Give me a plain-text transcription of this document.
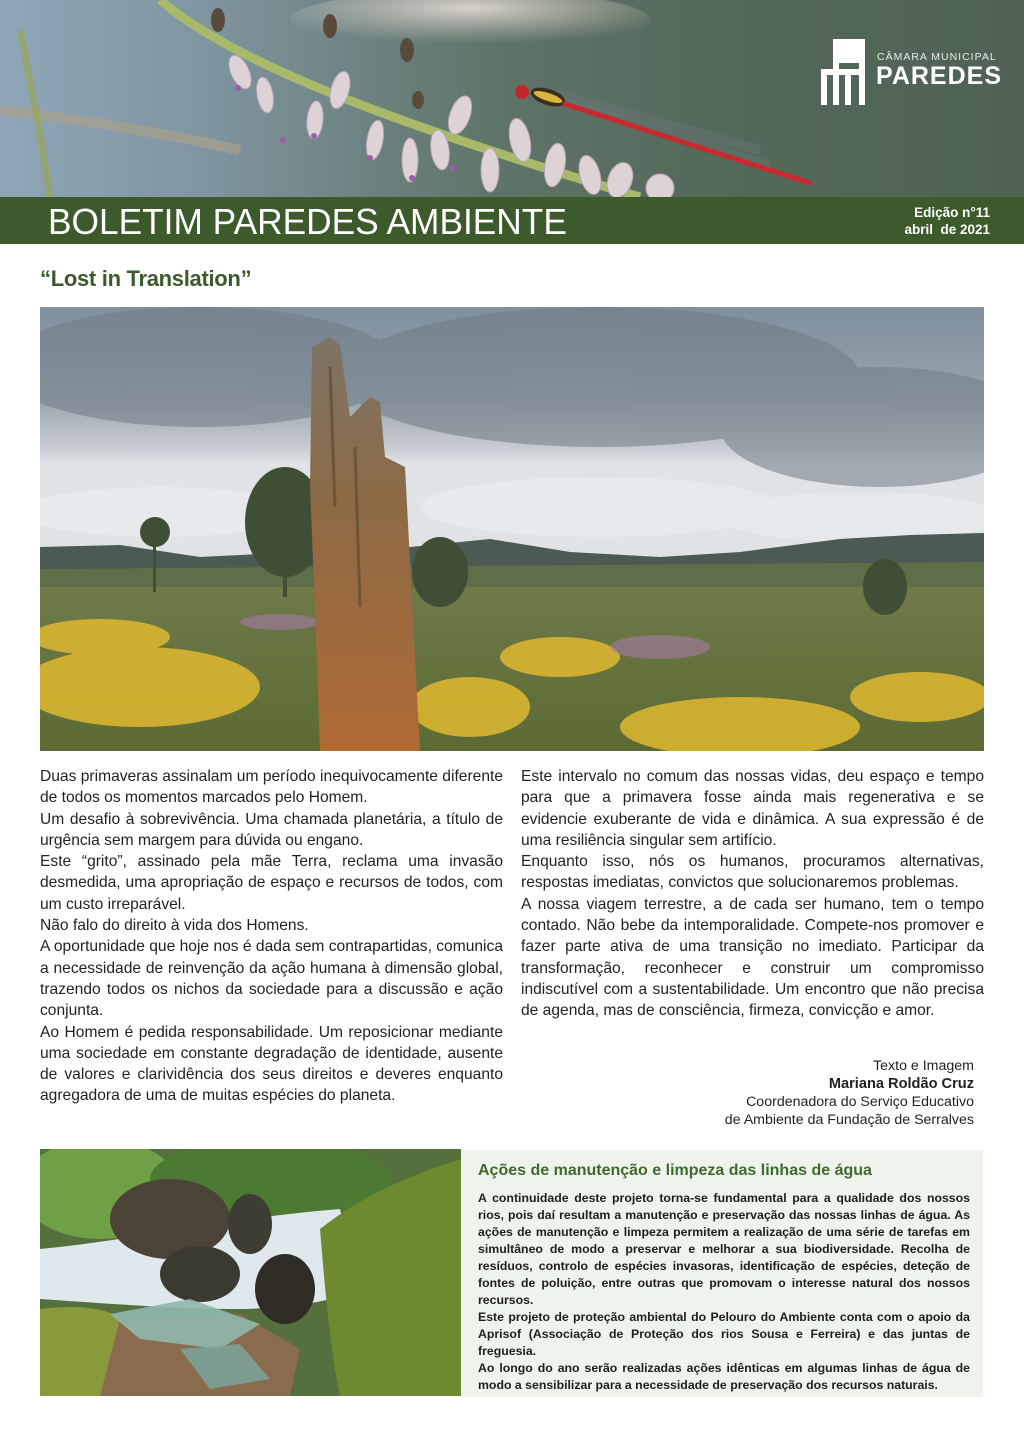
CÂMARA MUNICIPAL
PAREDES
BOLETIM PAREDES AMBIENTE	Edição n°11
abril  de 2021
“Lost in Translation”

Duas primaveras assinalam um período inequivocamente diferente de todos os momentos marcados pelo Homem.

Um desafio à sobrevivência. Uma chamada planetária, a título de urgência sem margem para dúvida ou engano.

Este “grito”, assinado pela mãe Terra, reclama uma invasão desmedida, uma apropriação de espaço e recursos de todos, com um custo irreparável.

Não falo do direito à vida dos Homens.

A oportunidade que hoje nos é dada sem contrapartidas, comunica a necessidade de reinvenção da ação humana à dimensão global, trazendo todos os nichos da sociedade para a discussão e ação conjunta.

Ao Homem é pedida responsabilidade. Um reposicionar mediante uma sociedade em constante degradação de identidade, ausente de valores e clarividência dos seus direitos e deveres enquanto agregadora de uma de muitas espécies do planeta.

Este intervalo no comum das nossas vidas, deu espaço e tempo para que a primavera fosse ainda mais regenerativa e se evidencie exuberante de vida e dinâmica. A sua expressão é de uma resiliência singular sem artifício.

Enquanto isso, nós os humanos, procuramos alternativas, respostas imediatas, convictos que solucionaremos problemas.

A nossa viagem terrestre, a de cada ser humano, tem o tempo contado. Não bebe da intemporalidade. Compete-nos promover e fazer parte ativa de uma transição no imediato. Participar da transformação, reconhecer e construir um compromisso indiscutível com a sustentabilidade. Um encontro que não precisa de agenda, mas de consciência, firmeza, convicção e amor.

Texto e Imagem
Mariana Roldão Cruz
Coordenadora do Serviço Educativo
de Ambiente da Fundação de Serralves
Ações de manutenção e limpeza das linhas de água

A continuidade deste projeto torna-se fundamental para a qualidade dos nossos rios, pois daí resultam a manutenção e preservação das nossas linhas de água. As ações de manutenção e limpeza permitem a realização de uma série de tarefas em simultâneo de modo a preservar e melhorar a sua biodiversidade. Recolha de resíduos, controlo de espécies invasoras, identificação de espécies, deteção de fontes de poluição, entre outras que promovam o interesse natural dos nossos recursos.

Este projeto de proteção ambiental do Pelouro do Ambiente conta com o apoio da Aprisof (Associação de Proteção dos rios Sousa e Ferreira) e das juntas de freguesia.

Ao longo do ano serão realizadas ações idênticas em algumas linhas de água de modo a sensibilizar para a necessidade de preservação dos recursos naturais.
